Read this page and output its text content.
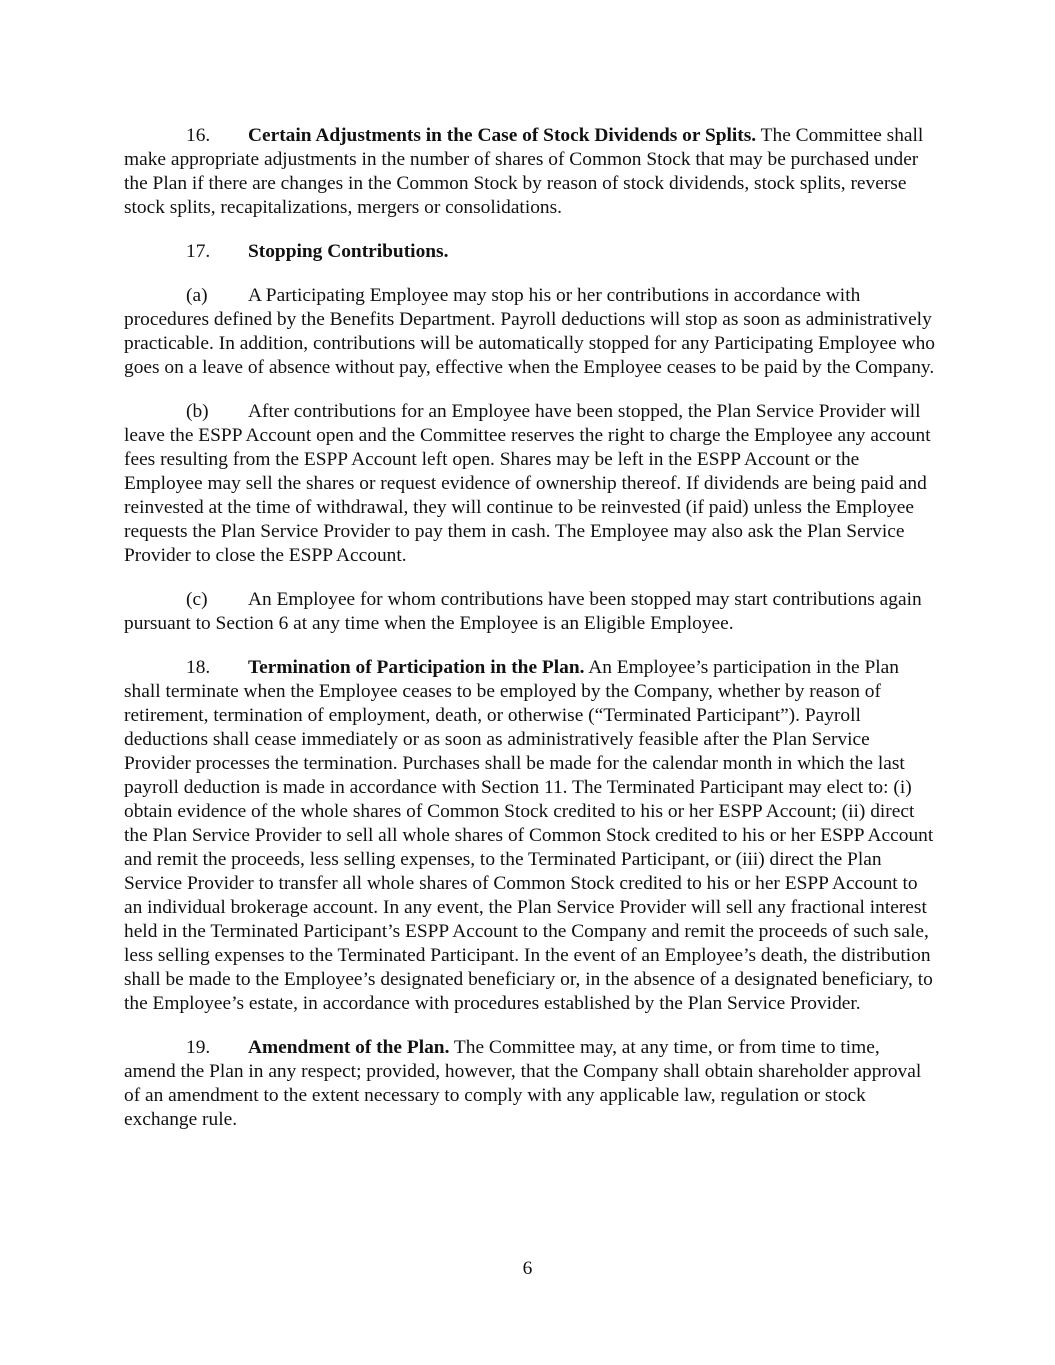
16. Certain Adjustments in the Case of Stock Dividends or Splits. The Committee shall make appropriate adjustments in the number of shares of Common Stock that may be purchased under the Plan if there are changes in the Common Stock by reason of stock dividends, stock splits, reverse stock splits, recapitalizations, mergers or consolidations.

17. Stopping Contributions.

(a) A Participating Employee may stop his or her contributions in accordance with procedures defined by the Benefits Department. Payroll deductions will stop as soon as administratively practicable. In addition, contributions will be automatically stopped for any Participating Employee who goes on a leave of absence without pay, effective when the Employee ceases to be paid by the Company.

(b) After contributions for an Employee have been stopped, the Plan Service Provider will leave the ESPP Account open and the Committee reserves the right to charge the Employee any account fees resulting from the ESPP Account left open. Shares may be left in the ESPP Account or the Employee may sell the shares or request evidence of ownership thereof. If dividends are being paid and reinvested at the time of withdrawal, they will continue to be reinvested (if paid) unless the Employee requests the Plan Service Provider to pay them in cash. The Employee may also ask the Plan Service Provider to close the ESPP Account.

(c) An Employee for whom contributions have been stopped may start contributions again pursuant to Section 6 at any time when the Employee is an Eligible Employee.

18. Termination of Participation in the Plan. An Employee’s participation in the Plan shall terminate when the Employee ceases to be employed by the Company, whether by reason of retirement, termination of employment, death, or otherwise (“Terminated Participant”). Payroll deductions shall cease immediately or as soon as administratively feasible after the Plan Service Provider processes the termination. Purchases shall be made for the calendar month in which the last payroll deduction is made in accordance with Section 11. The Terminated Participant may elect to: (i) obtain evidence of the whole shares of Common Stock credited to his or her ESPP Account; (ii) direct the Plan Service Provider to sell all whole shares of Common Stock credited to his or her ESPP Account and remit the proceeds, less selling expenses, to the Terminated Participant, or (iii) direct the Plan Service Provider to transfer all whole shares of Common Stock credited to his or her ESPP Account to an individual brokerage account. In any event, the Plan Service Provider will sell any fractional interest held in the Terminated Participant’s ESPP Account to the Company and remit the proceeds of such sale, less selling expenses to the Terminated Participant. In the event of an Employee’s death, the distribution shall be made to the Employee’s designated beneficiary or, in the absence of a designated beneficiary, to the Employee’s estate, in accordance with procedures established by the Plan Service Provider.

19. Amendment of the Plan. The Committee may, at any time, or from time to time, amend the Plan in any respect; provided, however, that the Company shall obtain shareholder approval of an amendment to the extent necessary to comply with any applicable law, regulation or stock exchange rule.

6
